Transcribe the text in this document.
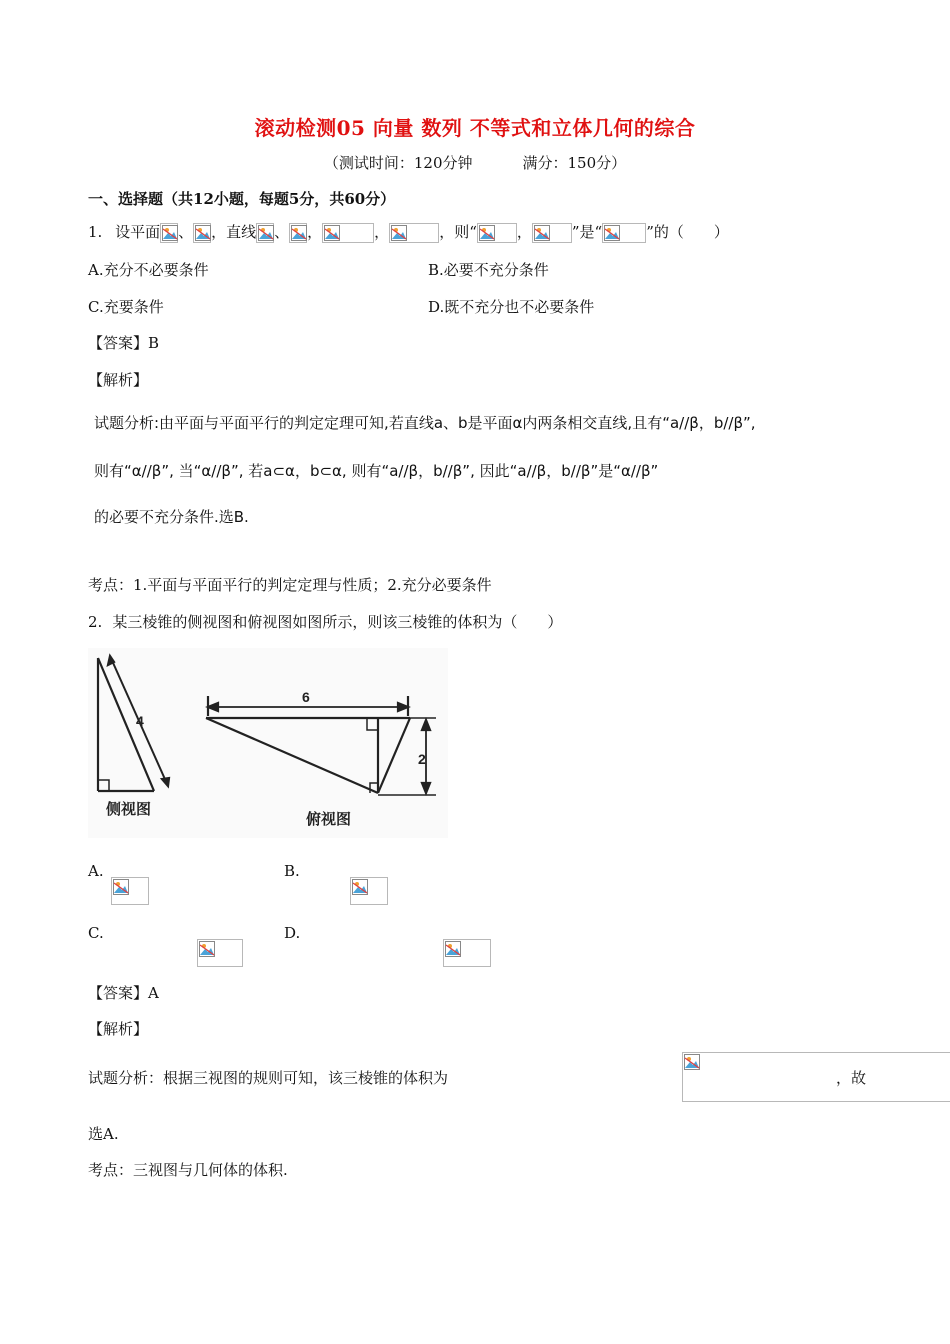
滚动检测05 向量 数列 不等式和立体几何的综合
（测试时间：120分钟	满分：150分）
一、选择题（共12小题，每题5分，共60分）
1. 设平面 、 ，直线 、 ，	，	，则“	，	”是“	”的（　　）
A.充分不必要条件	B.必要不充分条件
C.充要条件	D.既不充分也不必要条件
【答案】B
【解析】
试题分析:由平面与平面平行的判定定理可知,若直线a、b是平面α内两条相交直线,且有“a//β，b//β”,
则有“α//β”, 当“α//β”, 若a⊂α，b⊂α, 则有“a//β，b//β”, 因此“a//β，b//β”是“α//β”
的必要不充分条件.选B.
考点：1.平面与平面平行的判定定理与性质；2.充分必要条件
2. 某三棱锥的侧视图和俯视图如图所示，则该三棱锥的体积为（　　）
4
侧视图
6
2
俯视图
A.
	B.

C.
	D.

【答案】A
【解析】
试题分析：根据三视图的规则可知，该三棱锥的体积为	，故
选A.
考点：三视图与几何体的体积.
